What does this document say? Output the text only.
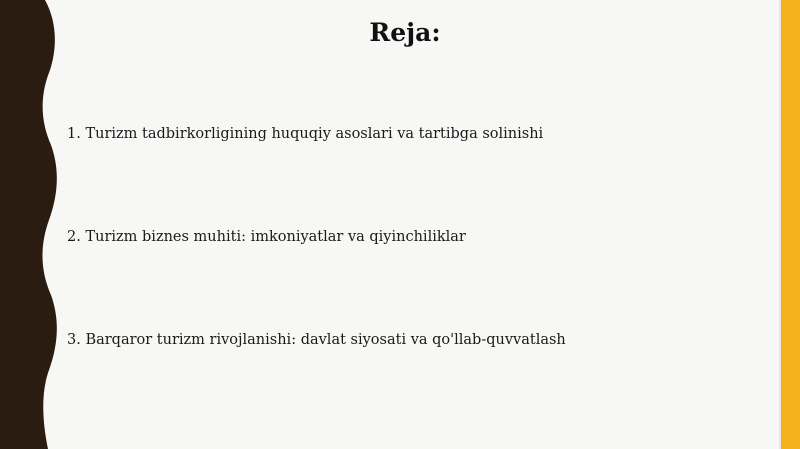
Reja:

1. Turizm tadbirkorligining huquqiy asoslari va tartibga solinishi

2. Turizm biznes muhiti: imkoniyatlar va qiyinchiliklar

3. Barqaror turizm rivojlanishi: davlat siyosati va qo'llab-quvvatlash
